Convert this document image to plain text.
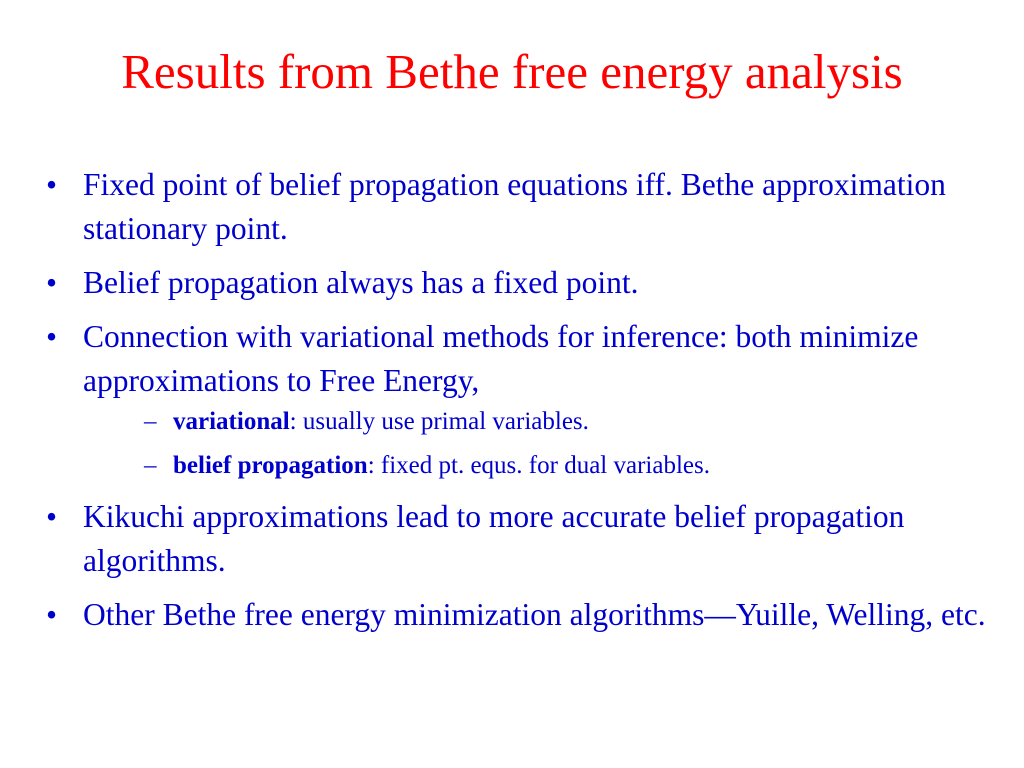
Results from Bethe free energy analysis
• Fixed point of belief propagation equations iff. Bethe approximation stationary point.
• Belief propagation always has a fixed point.
• Connection with variational methods for inference: both minimize approximations to Free Energy,
– variational: usually use primal variables.
– belief propagation: fixed pt. equs. for dual variables.
• Kikuchi approximations lead to more accurate belief propagation algorithms.
• Other Bethe free energy minimization algorithms—Yuille, Welling, etc.
